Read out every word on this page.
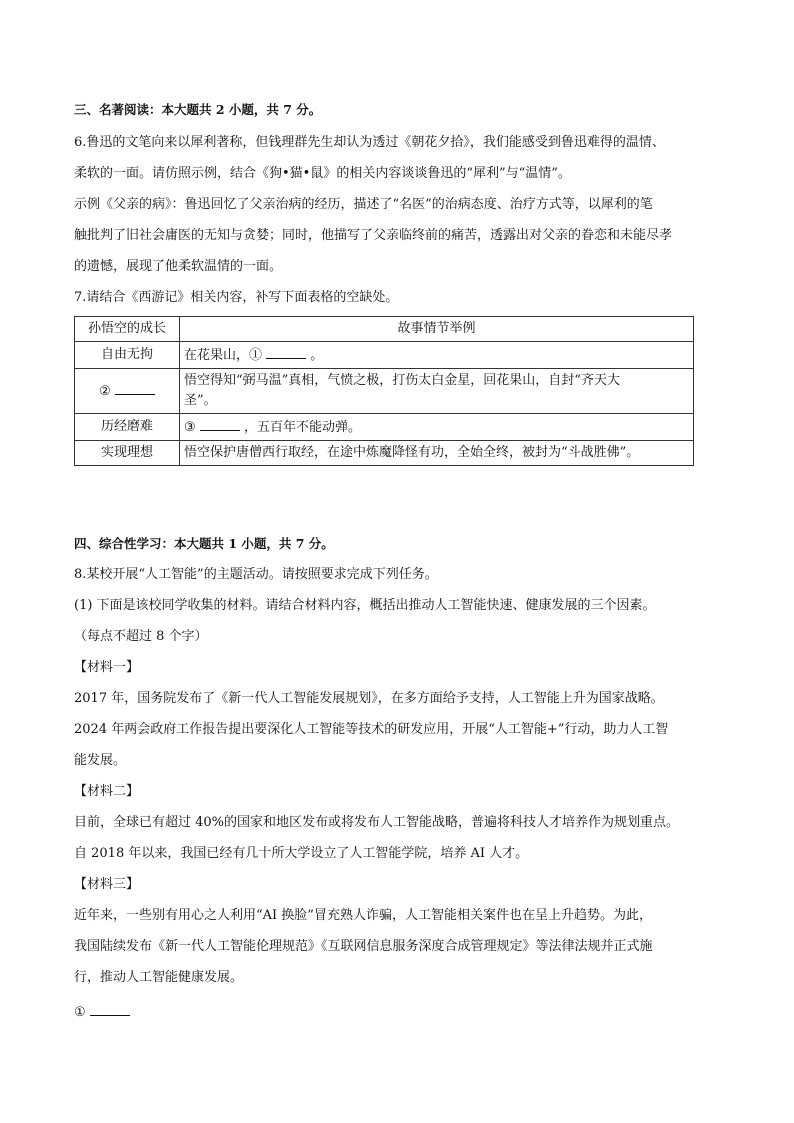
三、名著阅读：本大题共 2 小题，共 7 分。
6.鲁迅的文笔向来以犀利著称，但钱理群先生却认为透过《朝花夕拾》，我们能感受到鲁迅难得的温情、
柔软的一面。请仿照示例，结合《狗•猫•鼠》的相关内容谈谈鲁迅的“犀利”与“温情”。
示例《父亲的病》：鲁迅回忆了父亲治病的经历，描述了“名医”的治病态度、治疗方式等，以犀利的笔
触批判了旧社会庸医的无知与贪婪；同时，他描写了父亲临终前的痛苦，透露出对父亲的眷恋和未能尽孝
的遗憾，展现了他柔软温情的一面。
7.请结合《西游记》相关内容，补写下面表格的空缺处。
孙悟空的成长	故事情节举例
自由无拘	在花果山，① 。
②	悟空得知“弼马温”真相，气愤之极，打伤太白金星，回花果山，自封“齐天大
圣”。

历经磨难	③ ，五百年不能动弹。
实现理想	悟空保护唐僧西行取经，在途中炼魔降怪有功，全始全终，被封为“斗战胜佛”。
四、综合性学习：本大题共 1 小题，共 7 分。
8.某校开展“人工智能”的主题活动。请按照要求完成下列任务。
(1) 下面是该校同学收集的材料。请结合材料内容，概括出推动人工智能快速、健康发展的三个因素。
（每点不超过 8 个字）
【材料一】
2017 年，国务院发布了《新一代人工智能发展规划》，在多方面给予支持，人工智能上升为国家战略。
2024 年两会政府工作报告提出要深化人工智能等技术的研发应用，开展“人工智能+”行动，助力人工智
能发展。
【材料二】
目前，全球已有超过 40%的国家和地区发布或将发布人工智能战略，普遍将科技人才培养作为规划重点。
自 2018 年以来，我国已经有几十所大学设立了人工智能学院，培养 AI 人才。
【材料三】
近年来，一些别有用心之人利用“AI 换脸”冒充熟人诈骗，人工智能相关案件也在呈上升趋势。为此，
我国陆续发布《新一代人工智能伦理规范》《互联网信息服务深度合成管理规定》等法律法规并正式施
行，推动人工智能健康发展。
①
